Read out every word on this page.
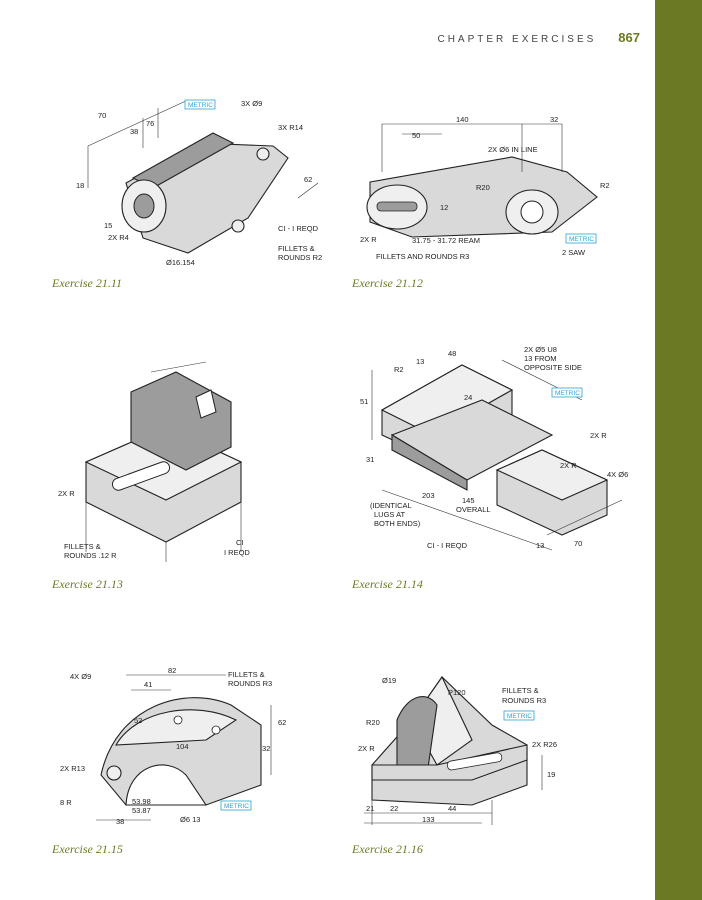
CHAPTER EXERCISES 867
METRIC
70
76
38
3X Ø9
3X R14
62
18
15
2X R4
CI - I REQD
Ø16.154
FILLETS &
ROUNDS R2
Exercise 21.11
METRIC
140	32
50
2X Ø6 IN LINE
R20	R2
12
2X R	31.75 - 31.72 REAM
FILLETS AND ROUNDS R3	2 SAW
Exercise 21.12
2X R
FILLETS &
ROUNDS .12 R
CI
I REQD
Exercise 21.13
METRIC
2X Ø5 U8
13 FROM
OPPOSITE SIDE
48
13
R2
24
51
2X R
2X R
4X Ø6
31
203
145
OVERALL
(IDENTICAL
LUGS AT
BOTH ENDS)
CI - I REQD	13	70
Exercise 21.14
METRIC
4X Ø9
82
41
FILLETS &
ROUNDS R3
52	62
104	32
2X R13
8 R	53.98
53.87
38	Ø6 13
Exercise 21.15
METRIC
Ø19
P120	FILLETS &
ROUNDS R3
R20
2X R	2X R26
19
21 22	44
133
Exercise 21.16
